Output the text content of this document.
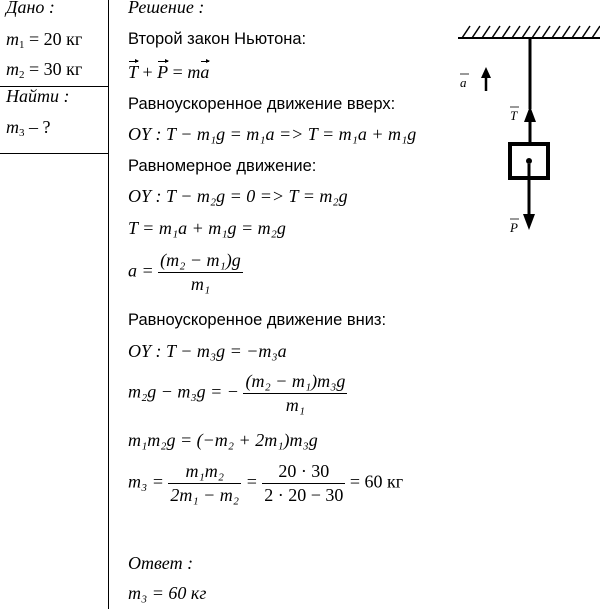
Дано :
$m_1 = 20$ кг
$m_2 = 30$ кг
Найти :
$m_3$ – ?
Решение :
Второй закон Ньютона:
T + P = ma
Равноускоренное движение вверх:
OY : T − m₁g = m₁a => T = m₁a + m₁g
Равномерное движение:
OY : T − m₂g = 0 => T = m₂g
T = m₁a + m₁g = m₂g
$a = \frac{\text{(m₂ − m₁)g}}{\text{m₁}}$
Равноускоренное движение вниз:
OY : T − m₃g = −m₃a
m₂g − m₃g = − $\frac{\text{(m₂ − m₁)m₃g}}{\text{m₁}}$
m₁m₂g = (−m₂ + 2m₁)m₃g
$m_3 = \frac{\text{m₁m₂}}{\text{2m₁ − m₂}} = \frac{20 \cdot 30}{2 \cdot 20 - 30} = 60$ кг
Ответ :
m₃ = 60 кг
a
T
P
